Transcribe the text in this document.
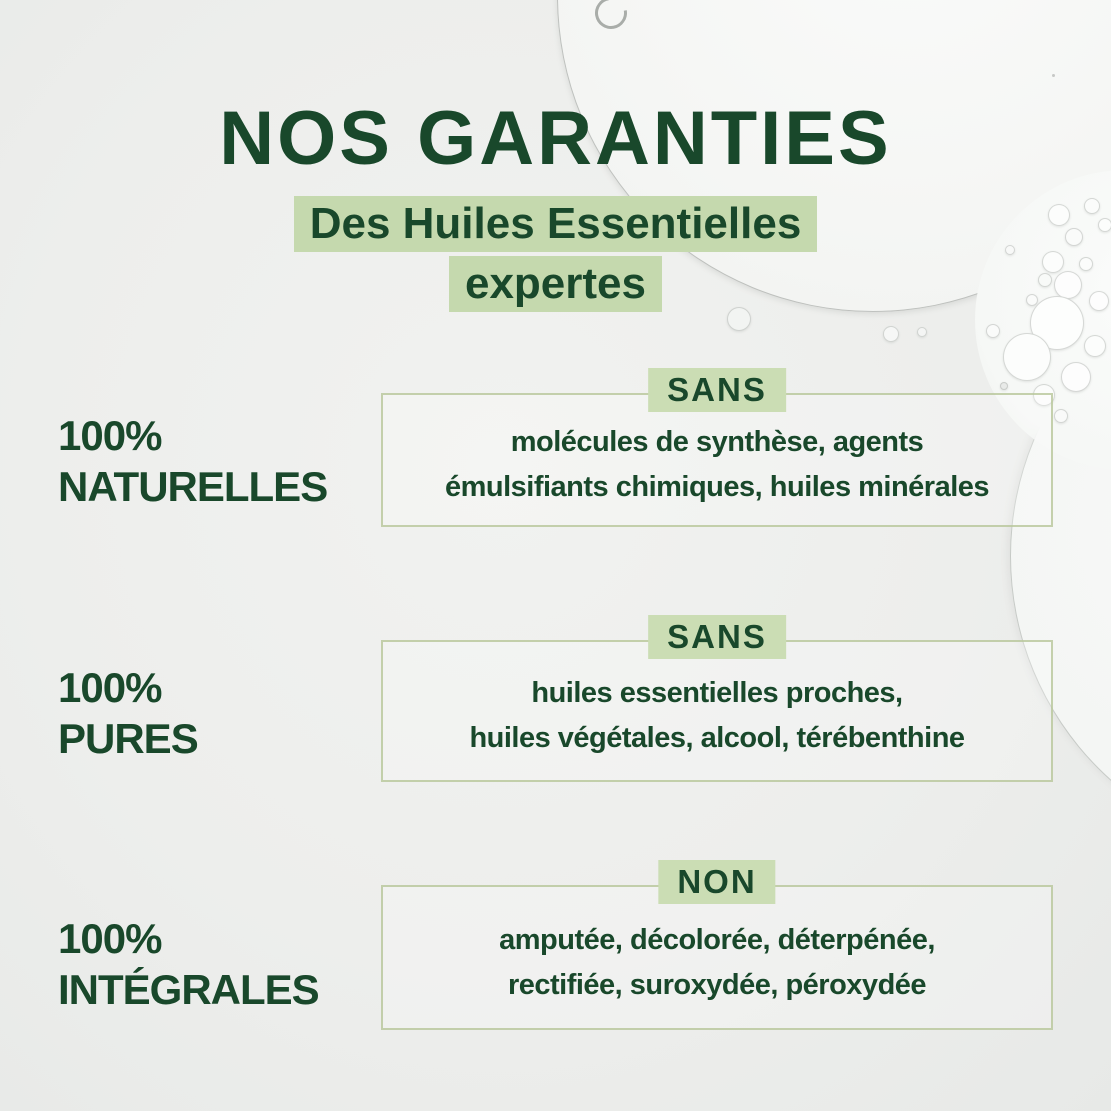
NOS GARANTIES
Des Huiles Essentielles
expertes
100%
NATURELLES
SANS

molécules de synthèse, agents
émulsifiants chimiques, huiles minérales

100%
PURES
SANS

huiles essentielles proches,
huiles végétales, alcool, térébenthine

100%
INTÉGRALES
NON

amputée, décolorée, déterpénée,
rectifiée, suroxydée, péroxydée
